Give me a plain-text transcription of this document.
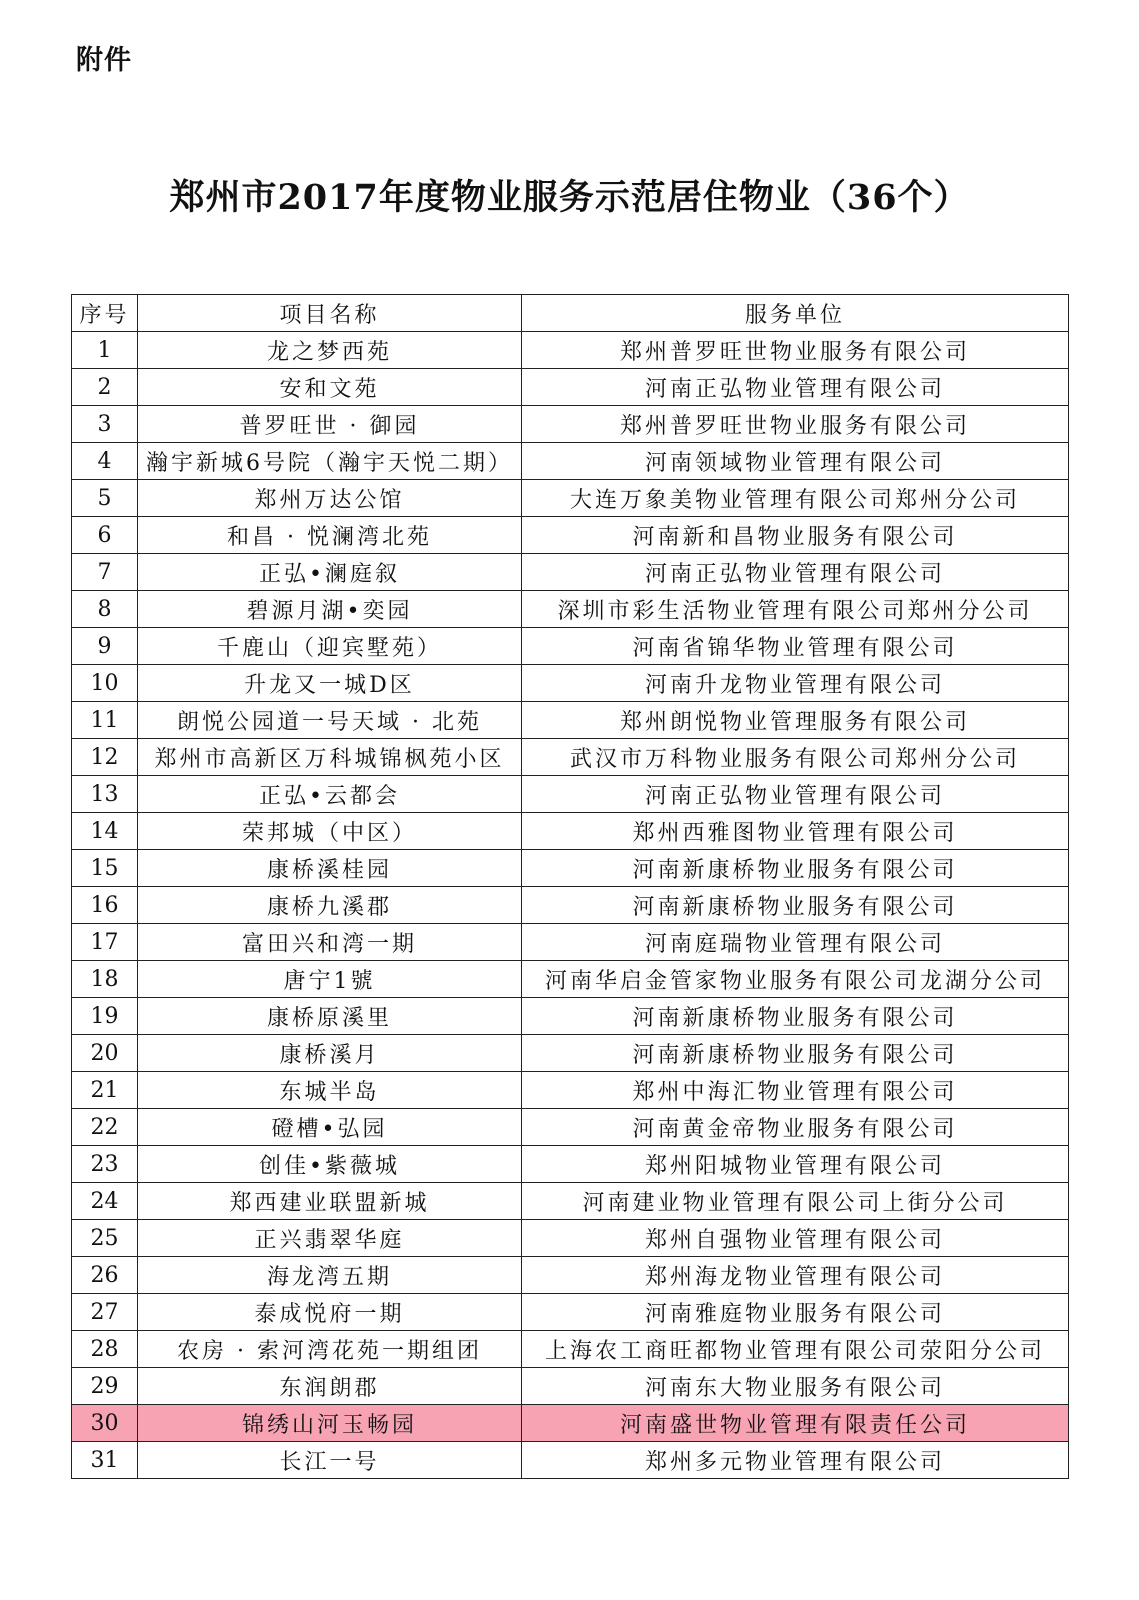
附件
郑州市2017年度物业服务示范居住物业（36个）
序号	项目名称	服务单位
1	龙之梦西苑	郑州普罗旺世物业服务有限公司
2	安和文苑	河南正弘物业管理有限公司
3	普罗旺世 · 御园	郑州普罗旺世物业服务有限公司
4	瀚宇新城6号院（瀚宇天悦二期）	河南领域物业管理有限公司
5	郑州万达公馆	大连万象美物业管理有限公司郑州分公司
6	和昌 · 悦澜湾北苑	河南新和昌物业服务有限公司
7	正弘•澜庭叙	河南正弘物业管理有限公司
8	碧源月湖•奕园	深圳市彩生活物业管理有限公司郑州分公司
9	千鹿山（迎宾墅苑）	河南省锦华物业管理有限公司
10	升龙又一城D区	河南升龙物业管理有限公司
11	朗悦公园道一号天域 · 北苑	郑州朗悦物业管理服务有限公司
12	郑州市高新区万科城锦枫苑小区	武汉市万科物业服务有限公司郑州分公司
13	正弘•云都会	河南正弘物业管理有限公司
14	荣邦城（中区）	郑州西雅图物业管理有限公司
15	康桥溪桂园	河南新康桥物业服务有限公司
16	康桥九溪郡	河南新康桥物业服务有限公司
17	富田兴和湾一期	河南庭瑞物业管理有限公司
18	唐宁1號	河南华启金管家物业服务有限公司龙湖分公司
19	康桥原溪里	河南新康桥物业服务有限公司
20	康桥溪月	河南新康桥物业服务有限公司
21	东城半岛	郑州中海汇物业管理有限公司
22	磴槽•弘园	河南黄金帝物业服务有限公司
23	创佳•紫薇城	郑州阳城物业管理有限公司
24	郑西建业联盟新城	河南建业物业管理有限公司上街分公司
25	正兴翡翠华庭	郑州自强物业管理有限公司
26	海龙湾五期	郑州海龙物业管理有限公司
27	泰成悦府一期	河南雅庭物业服务有限公司
28	农房 · 索河湾花苑一期组团	上海农工商旺都物业管理有限公司荥阳分公司
29	东润朗郡	河南东大物业服务有限公司
30	锦绣山河玉畅园	河南盛世物业管理有限责任公司
31	长江一号	郑州多元物业管理有限公司
